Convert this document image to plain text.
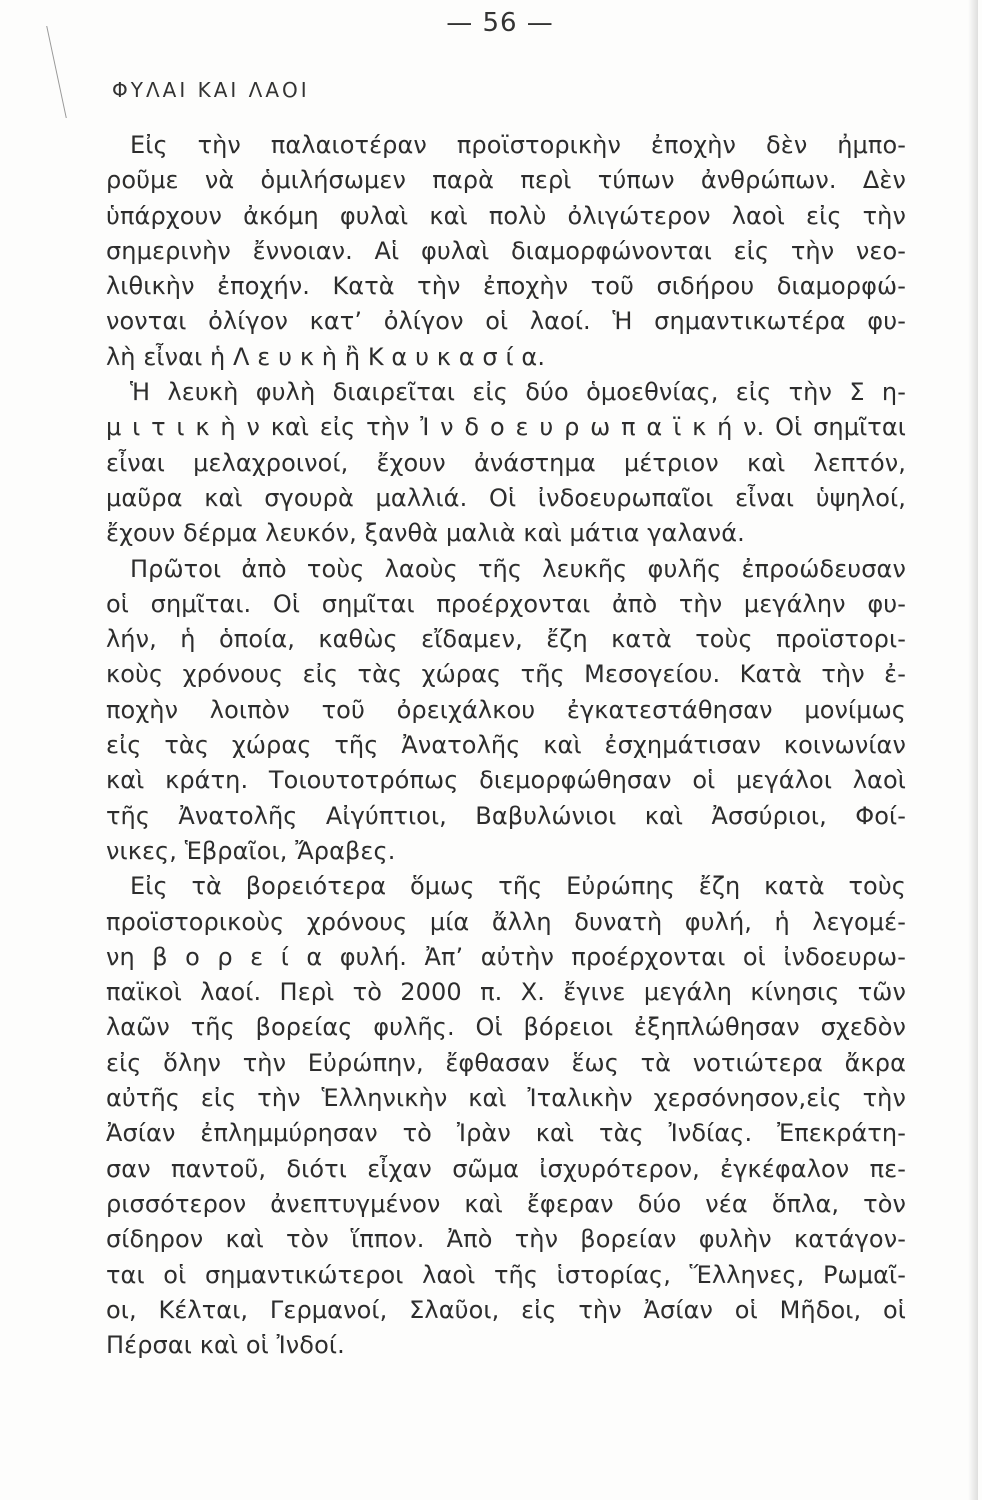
— 56 —
ΦΥΛΑΙ ΚΑΙ ΛΑΟΙ
Εἰς τὴν παλαιοτέραν προϊστορικὴν ἐποχὴν δὲν ἠμπο-
ροῦμε νὰ ὁμιλήσωμεν παρὰ περὶ τύπων ἀνθρώπων. Δὲν
ὑπάρχουν ἀκόμη φυλαὶ καὶ πολὺ ὀλιγώτερον λαοὶ εἰς τὴν
σημερινὴν ἔννοιαν. Αἱ φυλαὶ διαμορφώνονται εἰς τὴν νεο-
λιθικὴν ἐποχήν. Κατὰ τὴν ἐποχὴν τοῦ σιδήρου διαμορφώ-
νονται ὀλίγον κατ’ ὀλίγον οἱ λαοί. Ἡ σημαντικωτέρα φυ-
λὴ εἶναι ἡ Λ ε υ κ ὴ ἢ Κ α υ κ α σ ί α.
Ἡ λευκὴ φυλὴ διαιρεῖται εἰς δύο ὁμοεθνίας, εἰς τὴν Σ η-
μ ι τ ι κ ὴ ν καὶ εἰς τὴν Ἰ ν δ ο ε υ ρ ω π α ϊ κ ή ν. Οἱ σημῖται
εἶναι μελαχροινοί, ἔχουν ἀνάστημα μέτριον καὶ λεπτόν,
μαῦρα καὶ σγουρὰ μαλλιά. Οἱ ἰνδοευρωπαῖοι εἶναι ὑψηλοί,
ἔχουν δέρμα λευκόν, ξανθὰ μαλιὰ καὶ μάτια γαλανά.
Πρῶτοι ἀπὸ τοὺς λαοὺς τῆς λευκῆς φυλῆς ἐπροώδευσαν
οἱ σημῖται. Οἱ σημῖται προέρχονται ἀπὸ τὴν μεγάλην φυ-
λήν, ἡ ὁποία, καθὼς εἴδαμεν, ἔζη κατὰ τοὺς προϊστορι-
κοὺς χρόνους εἰς τὰς χώρας τῆς Μεσογείου. Κατὰ τὴν ἐ-
ποχὴν λοιπὸν τοῦ ὀρειχάλκου ἐγκατεστάθησαν μονίμως
εἰς τὰς χώρας τῆς Ἀνατολῆς καὶ ἐσχημάτισαν κοινωνίαν
καὶ κράτη. Τοιουτοτρόπως διεμορφώθησαν οἱ μεγάλοι λαοὶ
τῆς Ἀνατολῆς Αἰγύπτιοι, Βαβυλώνιοι καὶ Ἀσσύριοι, Φοί-
νικες, Ἑβραῖοι, Ἄραβες.
Εἰς τὰ βορειότερα ὅμως τῆς Εὐρώπης ἔζη κατὰ τοὺς
προϊστορικοὺς χρόνους μία ἄλλη δυνατὴ φυλή, ἡ λεγομέ-
νη β ο ρ ε ί α φυλή. Ἀπ’ αὐτὴν προέρχονται οἱ ἰνδοευρω-
παϊκοὶ λαοί. Περὶ τὸ 2000 π. Χ. ἔγινε μεγάλη κίνησις τῶν
λαῶν τῆς βορείας φυλῆς. Οἱ βόρειοι ἐξηπλώθησαν σχεδὸν
εἰς ὅλην τὴν Εὐρώπην, ἔφθασαν ἕως τὰ νοτιώτερα ἄκρα
αὐτῆς εἰς τὴν Ἑλληνικὴν καὶ Ἰταλικὴν χερσόνησον,εἰς τὴν
Ἀσίαν ἐπλημμύρησαν τὸ Ἰρὰν καὶ τὰς Ἰνδίας. Ἐπεκράτη-
σαν παντοῦ, διότι εἶχαν σῶμα ἰσχυρότερον, ἐγκέφαλον πε-
ρισσότερον ἀνεπτυγμένον καὶ ἔφεραν δύο νέα ὅπλα, τὸν
σίδηρον καὶ τὸν ἵππον. Ἀπὸ τὴν βορείαν φυλὴν κατάγον-
ται οἱ σημαντικώτεροι λαοὶ τῆς ἱστορίας, Ἕλληνες, Ρωμαῖ-
οι, Κέλται, Γερμανοί, Σλαῦοι, εἰς τὴν Ἀσίαν οἱ Μῆδοι, οἱ
Πέρσαι καὶ οἱ Ἰνδοί.
